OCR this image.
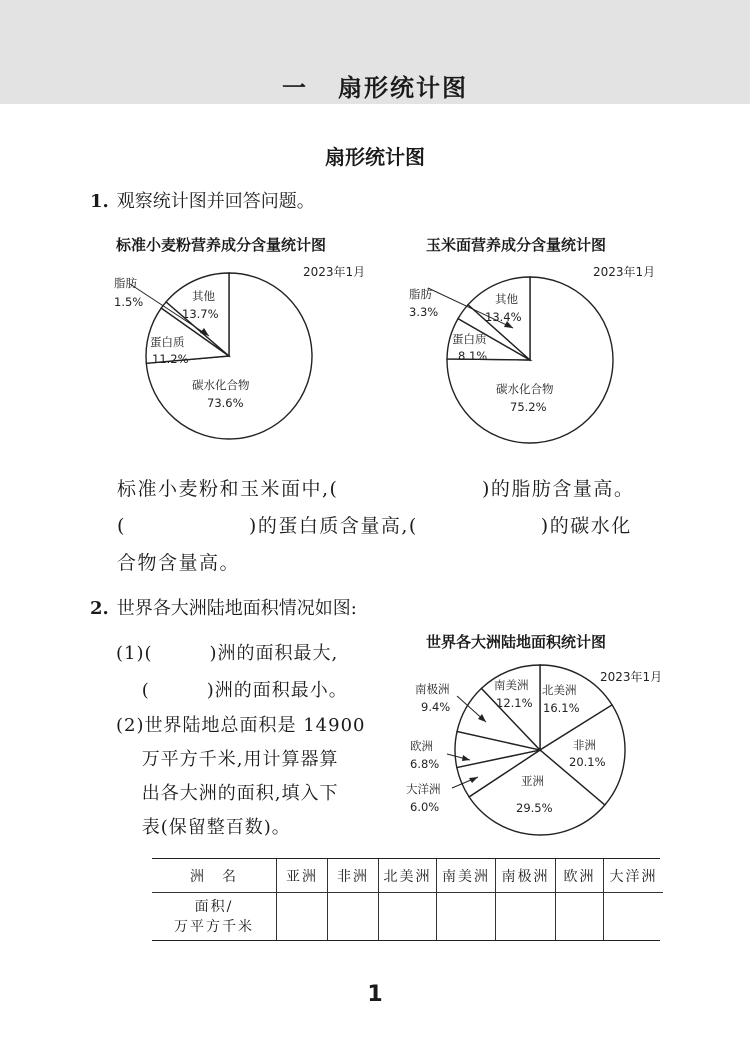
一 扇形统计图
扇形统计图
1. 观察统计图并回答问题。
标准小麦粉营养成分含量统计图	玉米面营养成分含量统计图
2023年1月
脂肪
1.5%	其他
13.7%
蛋白质
11.2%
碳水化合物
73.6%
2023年1月
脂肪
3.3%
其他
13.4%
蛋白质
8.1%
碳水化合物
75.2%
标准小麦粉和玉米面中,(　　　　　　　)的脂肪含量高。
(　　　　　　)的蛋白质含量高,(　　　　　　)的碳水化
合物含量高。
2. 世界各大洲陆地面积情况如图:
(1)(　　　)洲的面积最大,
　 (　　　)洲的面积最小。
(2)世界陆地总面积是 14900
　 万平方千米,用计算器算
　 出各大洲的面积,填入下
　 表(保留整百数)。
世界各大洲陆地面积统计图
2023年1月
南极洲
9.4%
南美洲
12.1%
北美洲
16.1%
非洲
20.1%
亚洲
29.5%
欧洲
6.8%
大洋洲
6.0%
洲　名	亚洲	非洲	北美洲	南美洲	南极洲	欧洲	大洋洲
面积/
万平方千米							
1
